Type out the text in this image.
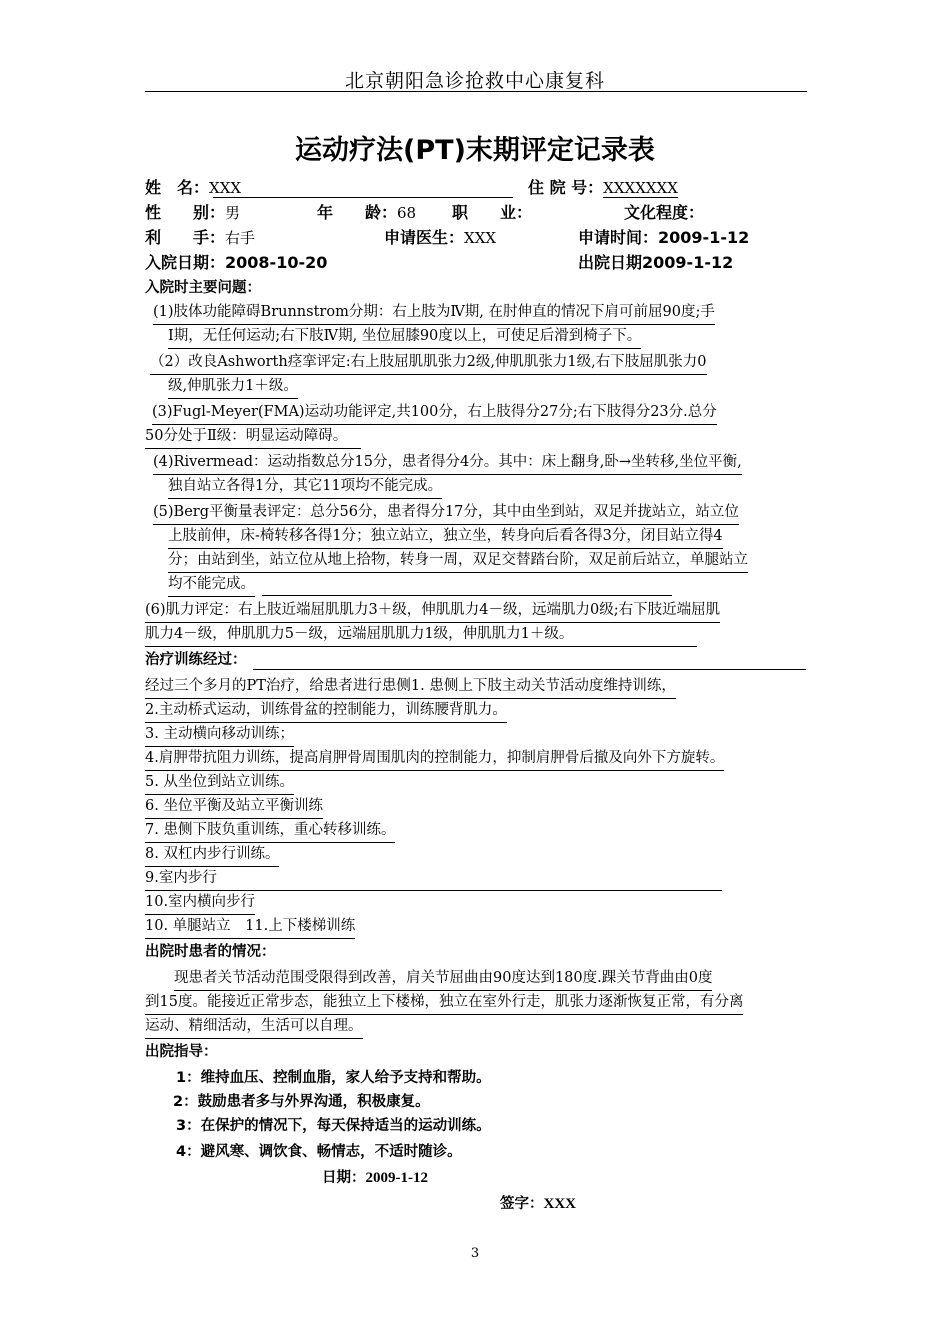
北京朝阳急诊抢救中心康复科
运动疗法(PT)末期评定记录表
姓　名：XXX	住 院 号：XXXXXXX
性　　别：男	年　　龄：68 职　　业：	文化程度：
利　　手：右手	申请医生：XXX	申请时间：2009-1-12
入院日期：2008-10-20	出院日期2009-1-12
入院时主要问题：
(1)肢体功能障碍Brunnstrom分期：右上肢为Ⅳ期, 在肘伸直的情况下肩可前屈90度;手
Ⅰ期，无任何运动;右下肢Ⅳ期, 坐位屈膝90度以上，可使足后滑到椅子下。
（2）改良Ashworth痉挛评定:右上肢屈肌肌张力2级,伸肌肌张力1级,右下肢屈肌张力0
级,伸肌张力1＋级。
(3)Fugl-Meyer(FMA)运动功能评定,共100分，右上肢得分27分;右下肢得分23分.总分
50分处于Ⅱ级：明显运动障碍。
(4)Rivermead：运动指数总分15分，患者得分4分。其中：床上翻身,卧→坐转移,坐位平衡,
独自站立各得1分，其它11项均不能完成。
(5)Berg平衡量表评定：总分56分，患者得分17分，其中由坐到站，双足并拢站立，站立位
上肢前伸，床-椅转移各得1分；独立站立，独立坐，转身向后看各得3分，闭目站立得4
分；由站到坐，站立位从地上拾物，转身一周，双足交替踏台阶，双足前后站立，单腿站立
均不能完成。
(6)肌力评定：右上肢近端屈肌肌力3＋级，伸肌肌力4－级，远端肌力0级;右下肢近端屈肌
肌力4－级，伸肌肌力5－级，远端屈肌肌力1级，伸肌肌力1＋级。
治疗训练经过：
经过三个多月的PT治疗，给患者进行患侧1. 患侧上下肢主动关节活动度维持训练，
2.主动桥式运动，训练骨盆的控制能力，训练腰背肌力。
3. 主动横向移动训练；
4.肩胛带抗阻力训练，提高肩胛骨周围肌肉的控制能力，抑制肩胛骨后撤及向外下方旋转。
5. 从坐位到站立训练。
6. 坐位平衡及站立平衡训练
7. 患侧下肢负重训练，重心转移训练。
8. 双杠内步行训练。
9.室内步行
10.室内横向步行
10. 单腿站立　11.上下楼梯训练
出院时患者的情况：
现患者关节活动范围受限得到改善，肩关节屈曲由90度达到180度.踝关节背曲由0度
到15度。能接近正常步态，能独立上下楼梯，独立在室外行走，肌张力逐渐恢复正常，有分离
运动、精细活动，生活可以自理。
出院指导：
1：维持血压、控制血脂，家人给予支持和帮助。
2：鼓励患者多与外界沟通，积极康复。
3：在保护的情况下，每天保持适当的运动训练。
4：避风寒、调饮食、畅情志，不适时随诊。
日期：2009-1-12
签字：XXX
3
